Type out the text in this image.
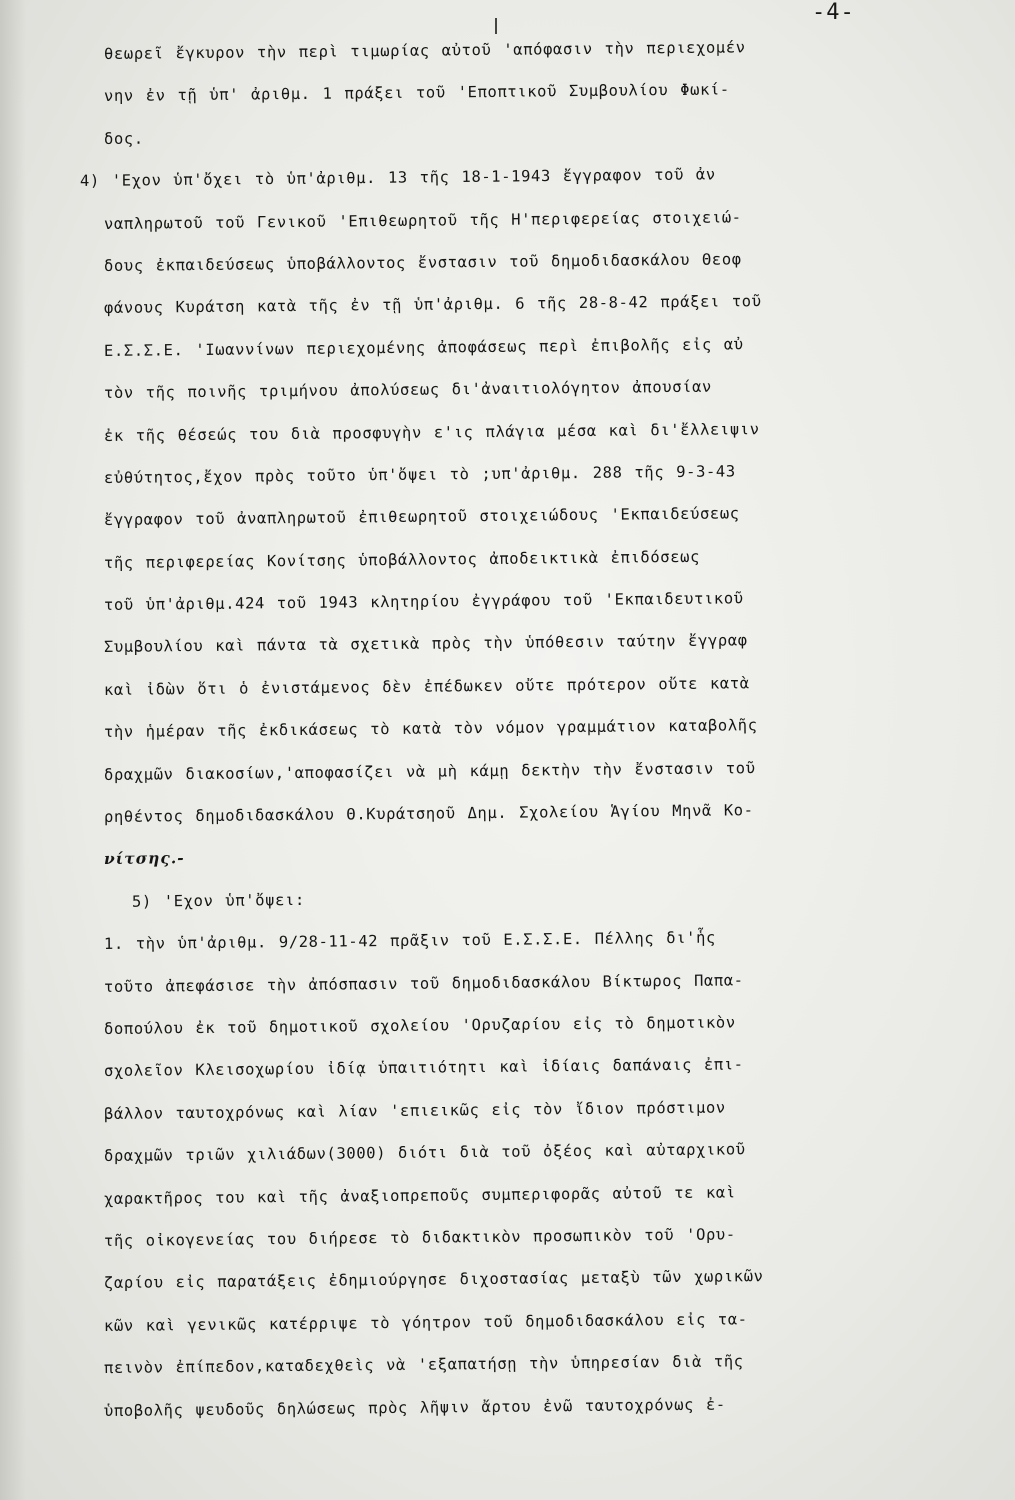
-4-
θεωρεῖ ἔγκυρον τὴν περὶ τιμωρίας αὐτοῦ 'απόφασιν τὴν περιεχομέν
νην ἐν τῇ ὑπ' ἀριθμ. 1 πράξει τοῦ 'Εποπτικοῦ Συμβουλίου Φωκί-
δος.
4) 'Εχον ὑπ'ὄχει τὸ ὑπ'ἀριθμ. 13 τῆς 18-1-1943 ἔγγραφον τοῦ ἀν
ναπληρωτοῦ τοῦ Γενικοῦ 'Επιθεωρητοῦ τῆς Η'περιφερείας στοιχειώ-
δους ἐκπαιδεύσεως ὑποβάλλοντος ἔνστασιν τοῦ δημοδιδασκάλου Θεοφ
φάνους Κυράτση κατὰ τῆς ἐν τῇ ὑπ'ἀριθμ. 6 τῆς 28-8-42 πράξει τοῦ
Ε.Σ.Σ.Ε. 'Ιωαννίνων περιεχομένης ἀποφάσεως περὶ ἐπιβολῆς εἰς αὐ
τὸν τῆς ποινῆς τριμήνου ἀπολύσεως δι'ἀναιτιολόγητον ἀπουσίαν
ἐκ τῆς θέσεώς του διὰ προσφυγὴν ε'ις πλάγια μέσα καὶ δι'ἔλλειψιν
εὐθύτητος,ἔχον πρὸς τοῦτο ὑπ'ὄψει τὸ ;υπ'ἀριθμ. 288 τῆς 9-3-43
ἔγγραφον τοῦ ἀναπληρωτοῦ ἐπιθεωρητοῦ στοιχειώδους 'Εκπαιδεύσεως
τῆς περιφερείας Κονίτσης ὑποβάλλοντος ἀποδεικτικὰ ἐπιδόσεως
τοῦ ὑπ'ἀριθμ.424 τοῦ 1943 κλητηρίου ἐγγράφου τοῦ 'Εκπαιδευτικοῦ
Συμβουλίου καὶ πάντα τὰ σχετικὰ πρὸς τὴν ὑπόθεσιν ταύτην ἔγγραφ
καὶ ἰδὼν ὅτι ὁ ἐνιστάμενος δὲν ἐπέδωκεν οὔτε πρότερον οὔτε κατὰ
τὴν ἡμέραν τῆς ἐκδικάσεως τὸ κατὰ τὸν νόμον γραμμάτιον καταβολῆς
δραχμῶν διακοσίων,'αποφασίζει νὰ μὴ κάμῃ δεκτὴν τὴν ἔνστασιν τοῦ
ρηθέντος δημοδιδασκάλου Θ.Κυράτσηοῦ Δημ. Σχολείου Ἁγίου Μηνᾶ Κο-
νίτσης.-
5) 'Εχον ὑπ'ὄψει:
1. τὴν ὑπ'ἀριθμ. 9/28-11-42 πρᾶξιν τοῦ Ε.Σ.Σ.Ε. Πέλλης δι'ἧς
τοῦτο ἀπεφάσισε τὴν ἀπόσπασιν τοῦ δημοδιδασκάλου Βίκτωρος Παπα-
δοπούλου ἐκ τοῦ δημοτικοῦ σχολείου 'Ορυζαρίου εἰς τὸ δημοτικὸν
σχολεῖον Κλεισοχωρίου ἰδίᾳ ὑπαιτιότητι καὶ ἰδίαις δαπάναις ἐπι-
βάλλον ταυτοχρόνως καὶ λίαν 'επιεικῶς εἰς τὸν ἴδιον πρόστιμον
δραχμῶν τριῶν χιλιάδων(3000) διότι διὰ τοῦ ὀξέος καὶ αὐταρχικοῦ
χαρακτῆρος του καὶ τῆς ἀναξιοπρεποῦς συμπεριφορᾶς αὐτοῦ τε καὶ
τῆς οἰκογενείας του διήρεσε τὸ διδακτικὸν προσωπικὸν τοῦ 'Ορυ-
ζαρίου εἰς παρατάξεις ἐδημιούργησε διχοστασίας μεταξὺ τῶν χωρικῶν
κῶν καὶ γενικῶς κατέρριψε τὸ γόητρον τοῦ δημοδιδασκάλου εἰς τα-
πεινὸν ἐπίπεδον,καταδεχθεὶς νὰ 'εξαπατήσῃ τὴν ὑπηρεσίαν διὰ τῆς
ὑποβολῆς ψευδοῦς δηλώσεως πρὸς λῆψιν ἄρτου ἐνῶ ταυτοχρόνως ἐ-
